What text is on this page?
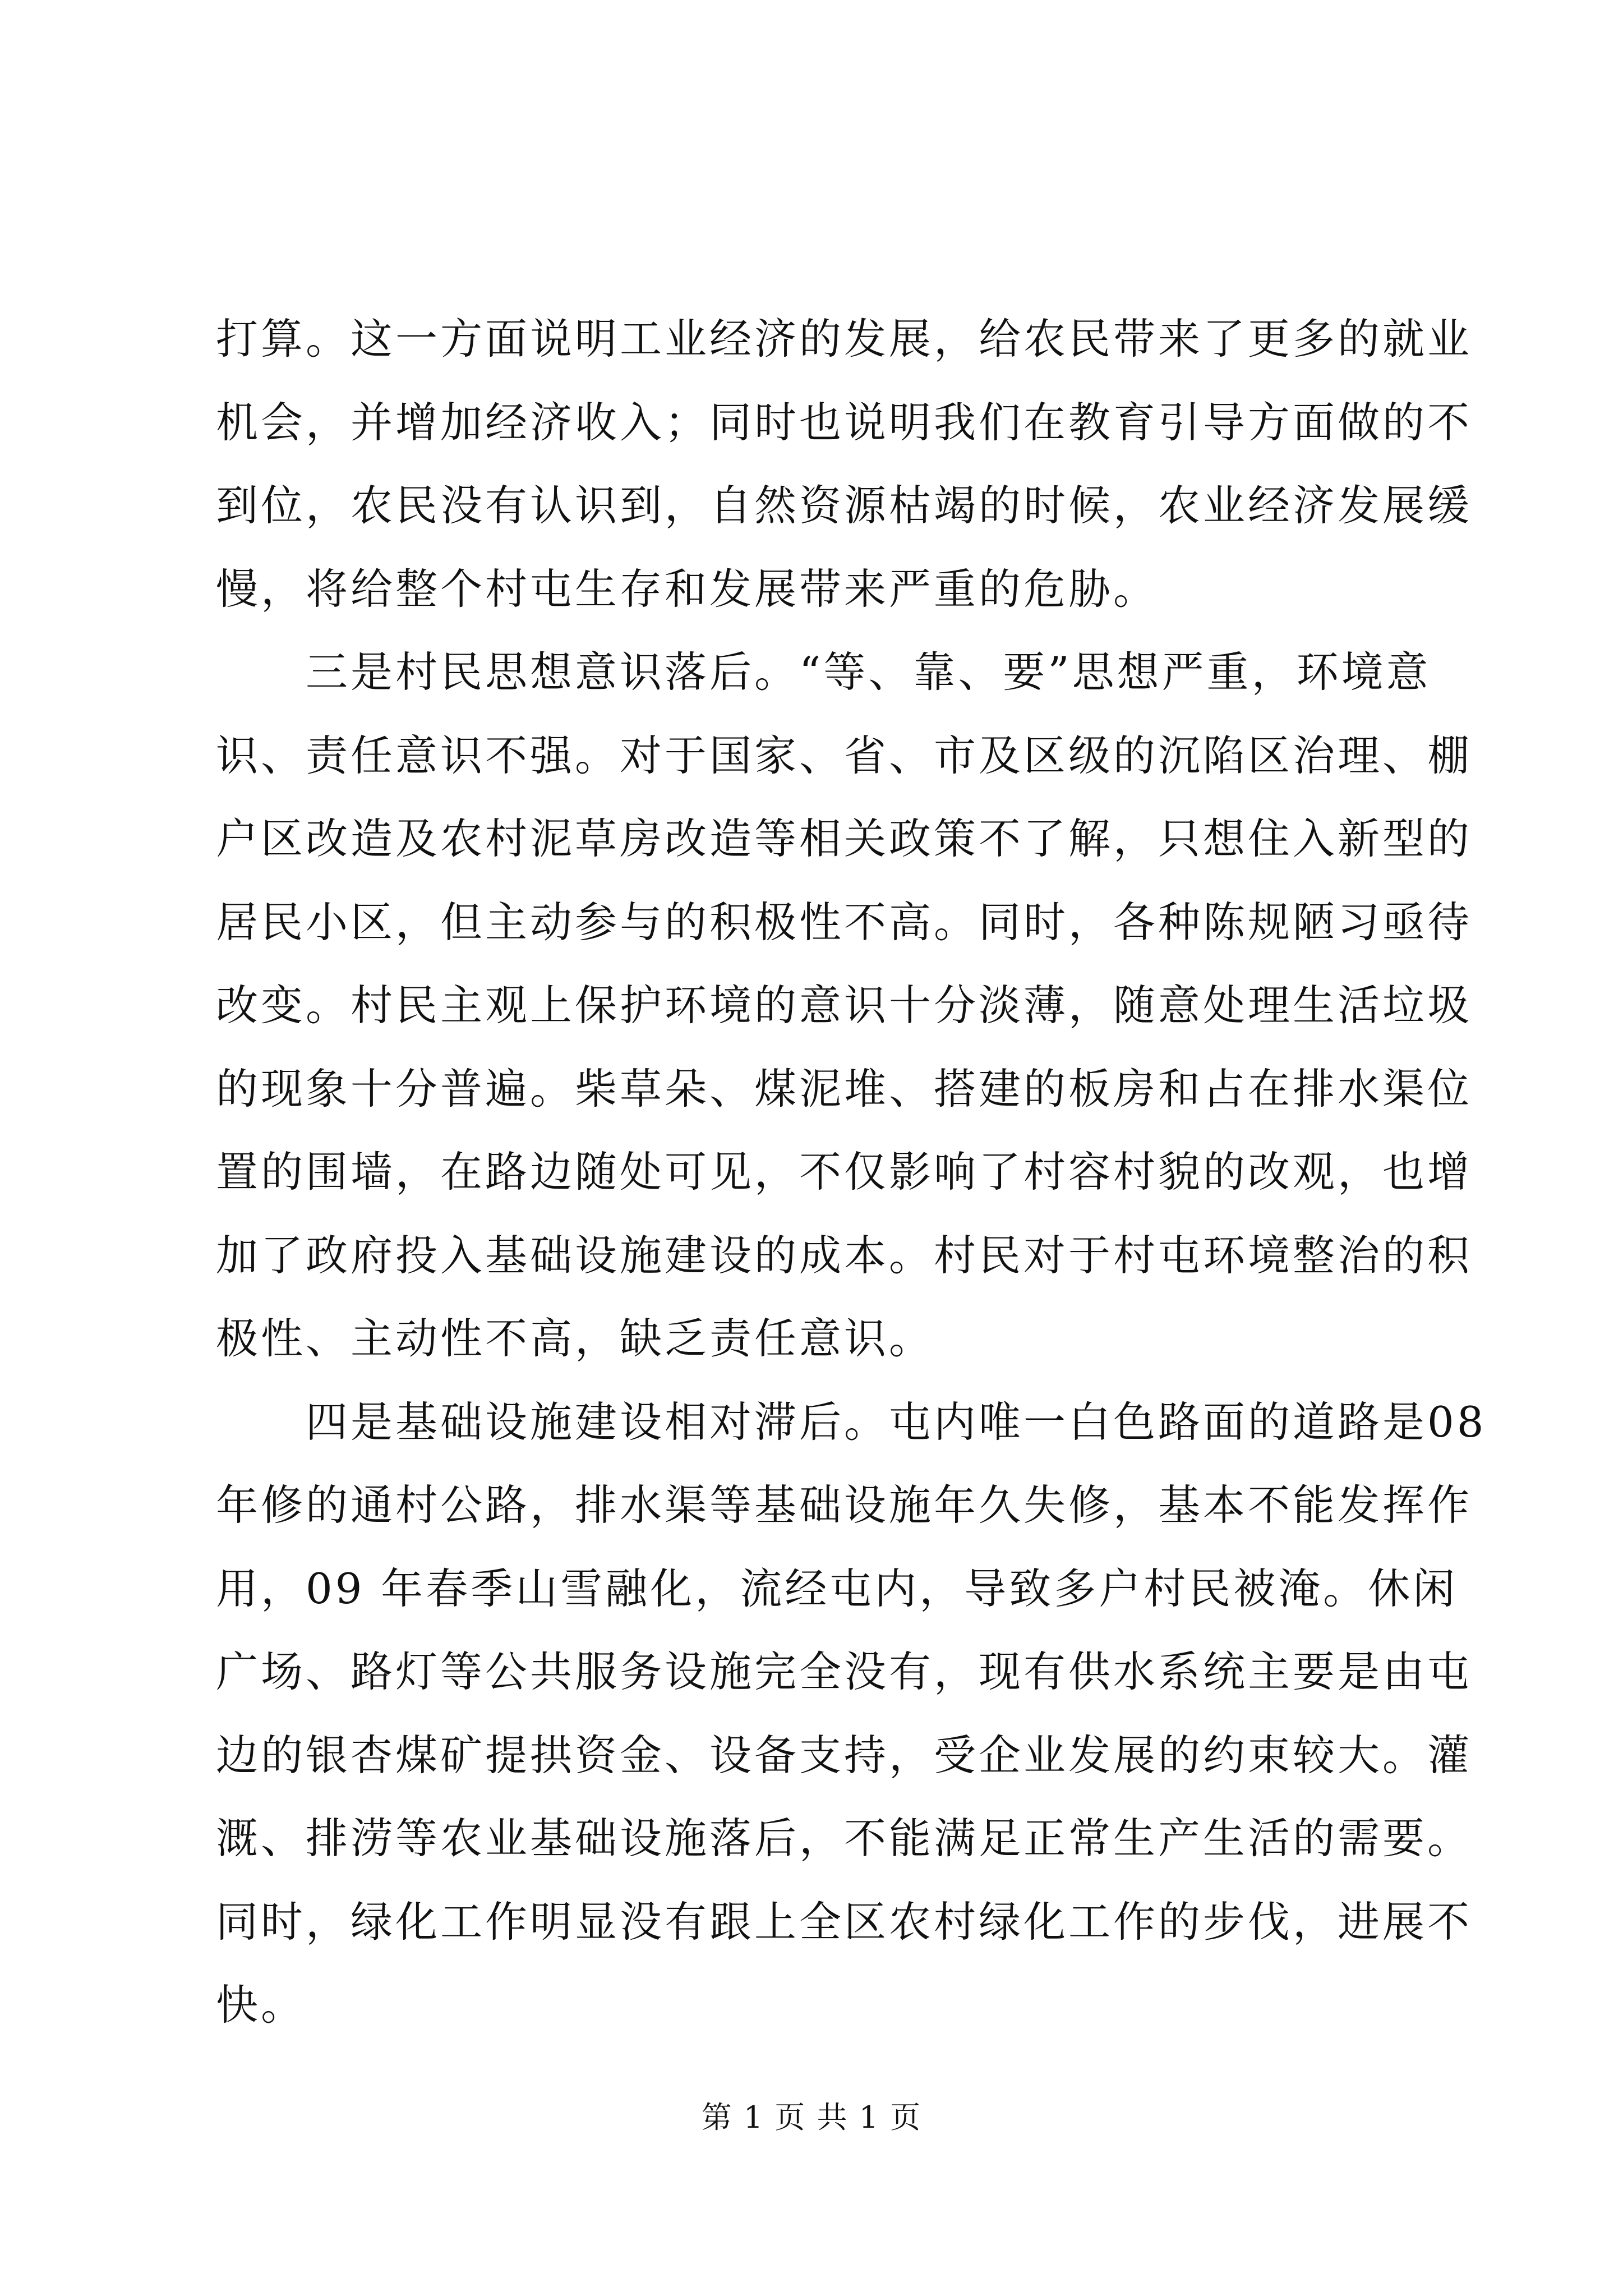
打算。这一方面说明工业经济的发展，给农民带来了更多的就业
机会，并增加经济收入；同时也说明我们在教育引导方面做的不
到位，农民没有认识到，自然资源枯竭的时候，农业经济发展缓
慢，将给整个村屯生存和发展带来严重的危胁。
　　三是村民思想意识落后。“等、靠、要”思想严重，环境意
识、责任意识不强。对于国家、省、市及区级的沉陷区治理、棚
户区改造及农村泥草房改造等相关政策不了解，只想住入新型的
居民小区，但主动参与的积极性不高。同时，各种陈规陋习亟待
改变。村民主观上保护环境的意识十分淡薄，随意处理生活垃圾
的现象十分普遍。柴草朵、煤泥堆、搭建的板房和占在排水渠位
置的围墙，在路边随处可见，不仅影响了村容村貌的改观，也增
加了政府投入基础设施建设的成本。村民对于村屯环境整治的积
极性、主动性不高，缺乏责任意识。
　　四是基础设施建设相对滞后。屯内唯一白色路面的道路是08
年修的通村公路，排水渠等基础设施年久失修，基本不能发挥作
用，09 年春季山雪融化，流经屯内，导致多户村民被淹。休闲
广场、路灯等公共服务设施完全没有，现有供水系统主要是由屯
边的银杏煤矿提拱资金、设备支持，受企业发展的约束较大。灌
溉、排涝等农业基础设施落后，不能满足正常生产生活的需要。
同时，绿化工作明显没有跟上全区农村绿化工作的步伐，进展不
快。
第 1 页 共 1 页
